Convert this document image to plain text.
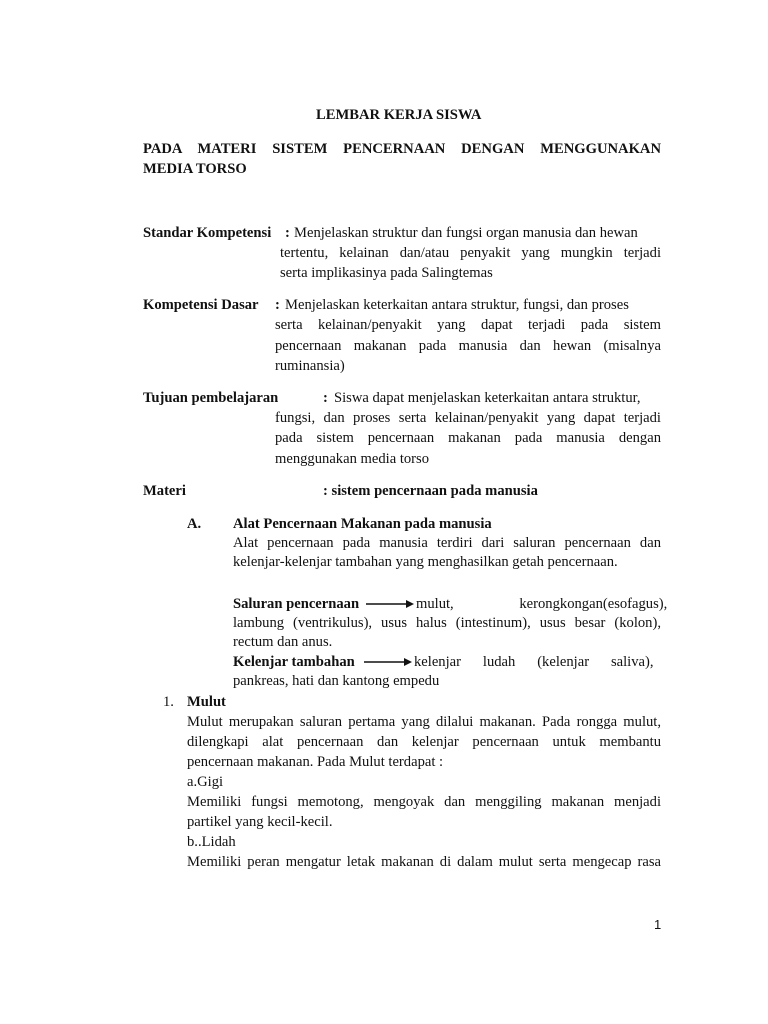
LEMBAR KERJA SISWA
PADA MATERI SISTEM PENCERNAAN DENGAN MENGGUNAKAN
MEDIA TORSO
Standar Kompetensi : Menjelaskan struktur dan fungsi organ manusia dan hewan
tertentu, kelainan dan/atau penyakit yang mungkin terjadi
serta implikasinya pada Salingtemas
Kompetensi Dasar : Menjelaskan keterkaitan antara struktur, fungsi, dan proses
serta kelainan/penyakit yang dapat terjadi pada sistem
pencernaan makanan pada manusia dan hewan (misalnya
ruminansia)
Tujuan pembelajaran	: Siswa dapat menjelaskan keterkaitan antara struktur,
fungsi, dan proses serta kelainan/penyakit yang dapat terjadi
pada sistem pencernaan makanan pada manusia dengan
menggunakan media torso
Materi	: sistem pencernaan pada manusia
A. Alat Pencernaan Makanan pada manusia
Alat pencernaan pada manusia terdiri dari saluran pencernaan dan
kelenjar-kelenjar tambahan yang menghasilkan getah pencernaan.
Saluran pencernaan	mulut,                  kerongkongan(esofagus),
lambung (ventrikulus), usus halus (intestinum), usus besar (kolon),
rectum dan anus.
Kelenjar tambahan	kelenjar      ludah      (kelenjar      saliva),
pankreas, hati dan kantong empedu
1. Mulut
Mulut merupakan saluran pertama yang dilalui makanan. Pada rongga mulut,
dilengkapi alat pencernaan dan kelenjar pencernaan untuk membantu
pencernaan makanan. Pada Mulut terdapat :
a.Gigi
Memiliki fungsi memotong, mengoyak dan menggiling makanan menjadi
partikel yang kecil-kecil.
b..Lidah
Memiliki peran mengatur letak makanan di dalam mulut serta mengecap rasa
1
